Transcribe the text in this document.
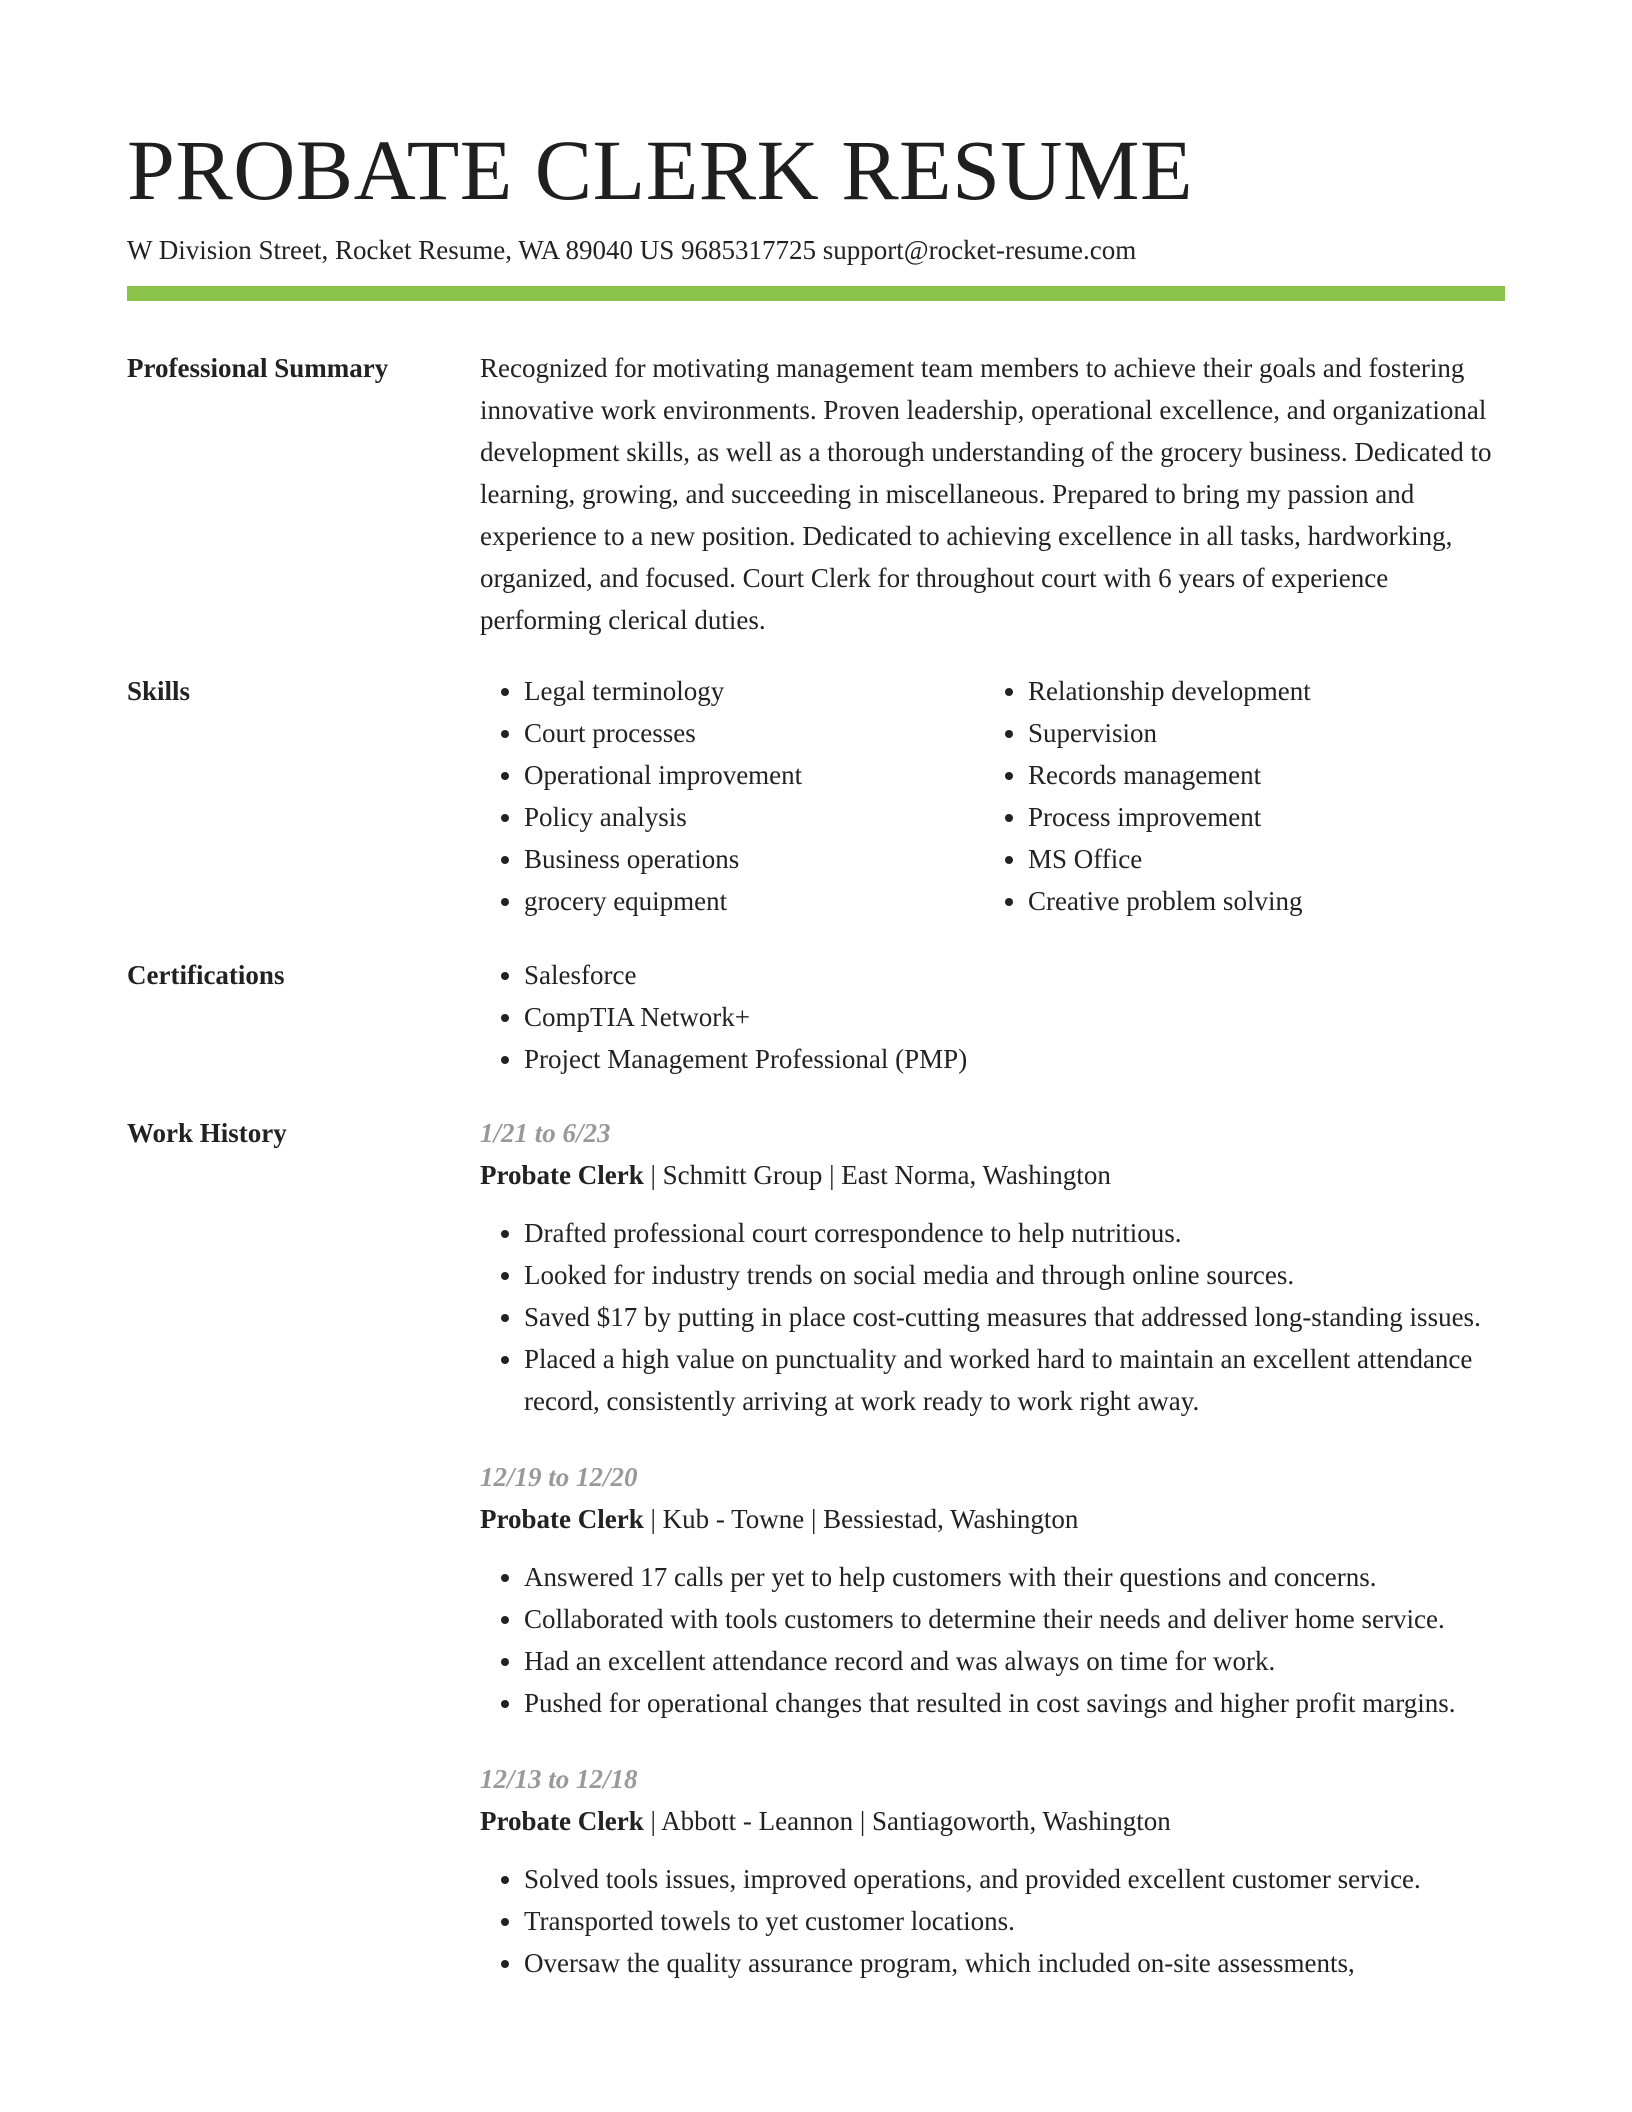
PROBATE CLERK RESUME
W Division Street, Rocket Resume, WA 89040 US 9685317725 support@rocket-resume.com
Professional Summary	Recognized for motivating management team members to achieve their goals and fostering innovative work environments. Proven leadership, operational excellence, and organizational development skills, as well as a thorough understanding of the grocery business. Dedicated to learning, growing, and succeeding in miscellaneous. Prepared to bring my passion and experience to a new position. Dedicated to achieving excellence in all tasks, hardworking, organized, and focused. Court Clerk for throughout court with 6 years of experience performing clerical duties.

Skills	• Legal terminology
• Court processes
• Operational improvement
• Policy analysis
• Business operations
• grocery equipment
• Relationship development
• Supervision
• Records management
• Process improvement
• MS Office
• Creative problem solving
Certifications	• Salesforce
• CompTIA Network+
• Project Management Professional (PMP)
Work History	1/21 to 6/23
Probate Clerk | Schmitt Group | East Norma, Washington
• Drafted professional court correspondence to help nutritious.
• Looked for industry trends on social media and through online sources.
• Saved $17 by putting in place cost-cutting measures that addressed long-standing issues.
• Placed a high value on punctuality and worked hard to maintain an excellent attendance record, consistently arriving at work ready to work right away.
12/19 to 12/20
Probate Clerk | Kub - Towne | Bessiestad, Washington
• Answered 17 calls per yet to help customers with their questions and concerns.
• Collaborated with tools customers to determine their needs and deliver home service.
• Had an excellent attendance record and was always on time for work.
• Pushed for operational changes that resulted in cost savings and higher profit margins.
12/13 to 12/18
Probate Clerk | Abbott - Leannon | Santiagoworth, Washington
• Solved tools issues, improved operations, and provided excellent customer service.
• Transported towels to yet customer locations.
• Oversaw the quality assurance program, which included on-site assessments,
